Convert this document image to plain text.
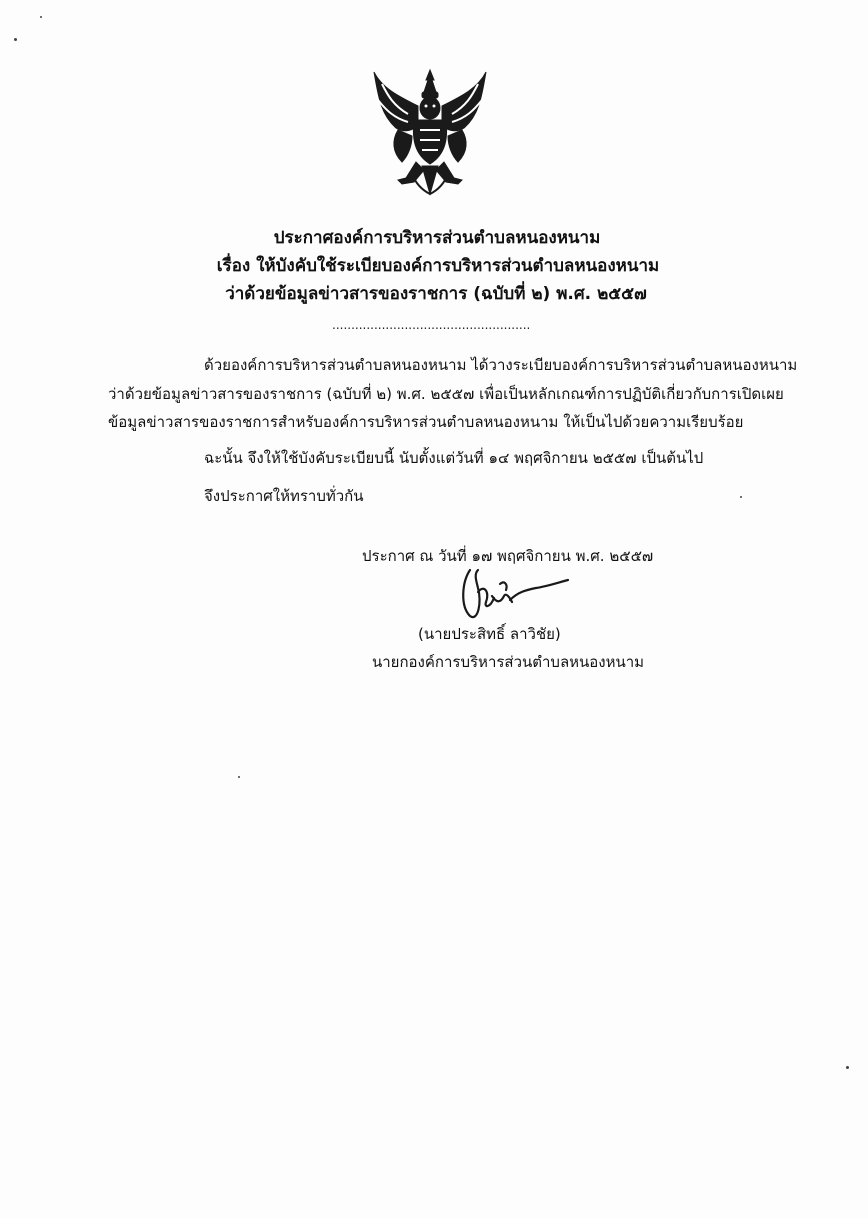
ประกาศองค์การบริหารส่วนตำบลหนองหนาม
เรื่อง ให้บังคับใช้ระเบียบองค์การบริหารส่วนตำบลหนองหนาม
ว่าด้วยข้อมูลข่าวสารของราชการ (ฉบับที่ ๒) พ.ศ. ๒๕๕๗
....................................................
ด้วยองค์การบริหารส่วนตำบลหนองหนาม ได้วางระเบียบองค์การบริหารส่วนตำบลหนองหนาม
ว่าด้วยข้อมูลข่าวสารของราชการ (ฉบับที่ ๒) พ.ศ. ๒๕๕๗ เพื่อเป็นหลักเกณฑ์การปฏิบัติเกี่ยวกับการเปิดเผย
ข้อมูลข่าวสารของราชการสำหรับองค์การบริหารส่วนตำบลหนองหนาม ให้เป็นไปด้วยความเรียบร้อย
ฉะนั้น จึงให้ใช้บังคับระเบียบนี้ นับตั้งแต่วันที่ ๑๔ พฤศจิกายน ๒๕๕๗ เป็นต้นไป
จึงประกาศให้ทราบทั่วกัน
ประกาศ ณ วันที่ ๑๗ พฤศจิกายน พ.ศ. ๒๕๕๗
(นายประสิทธิ์ ลาวิชัย)
นายกองค์การบริหารส่วนตำบลหนองหนาม
